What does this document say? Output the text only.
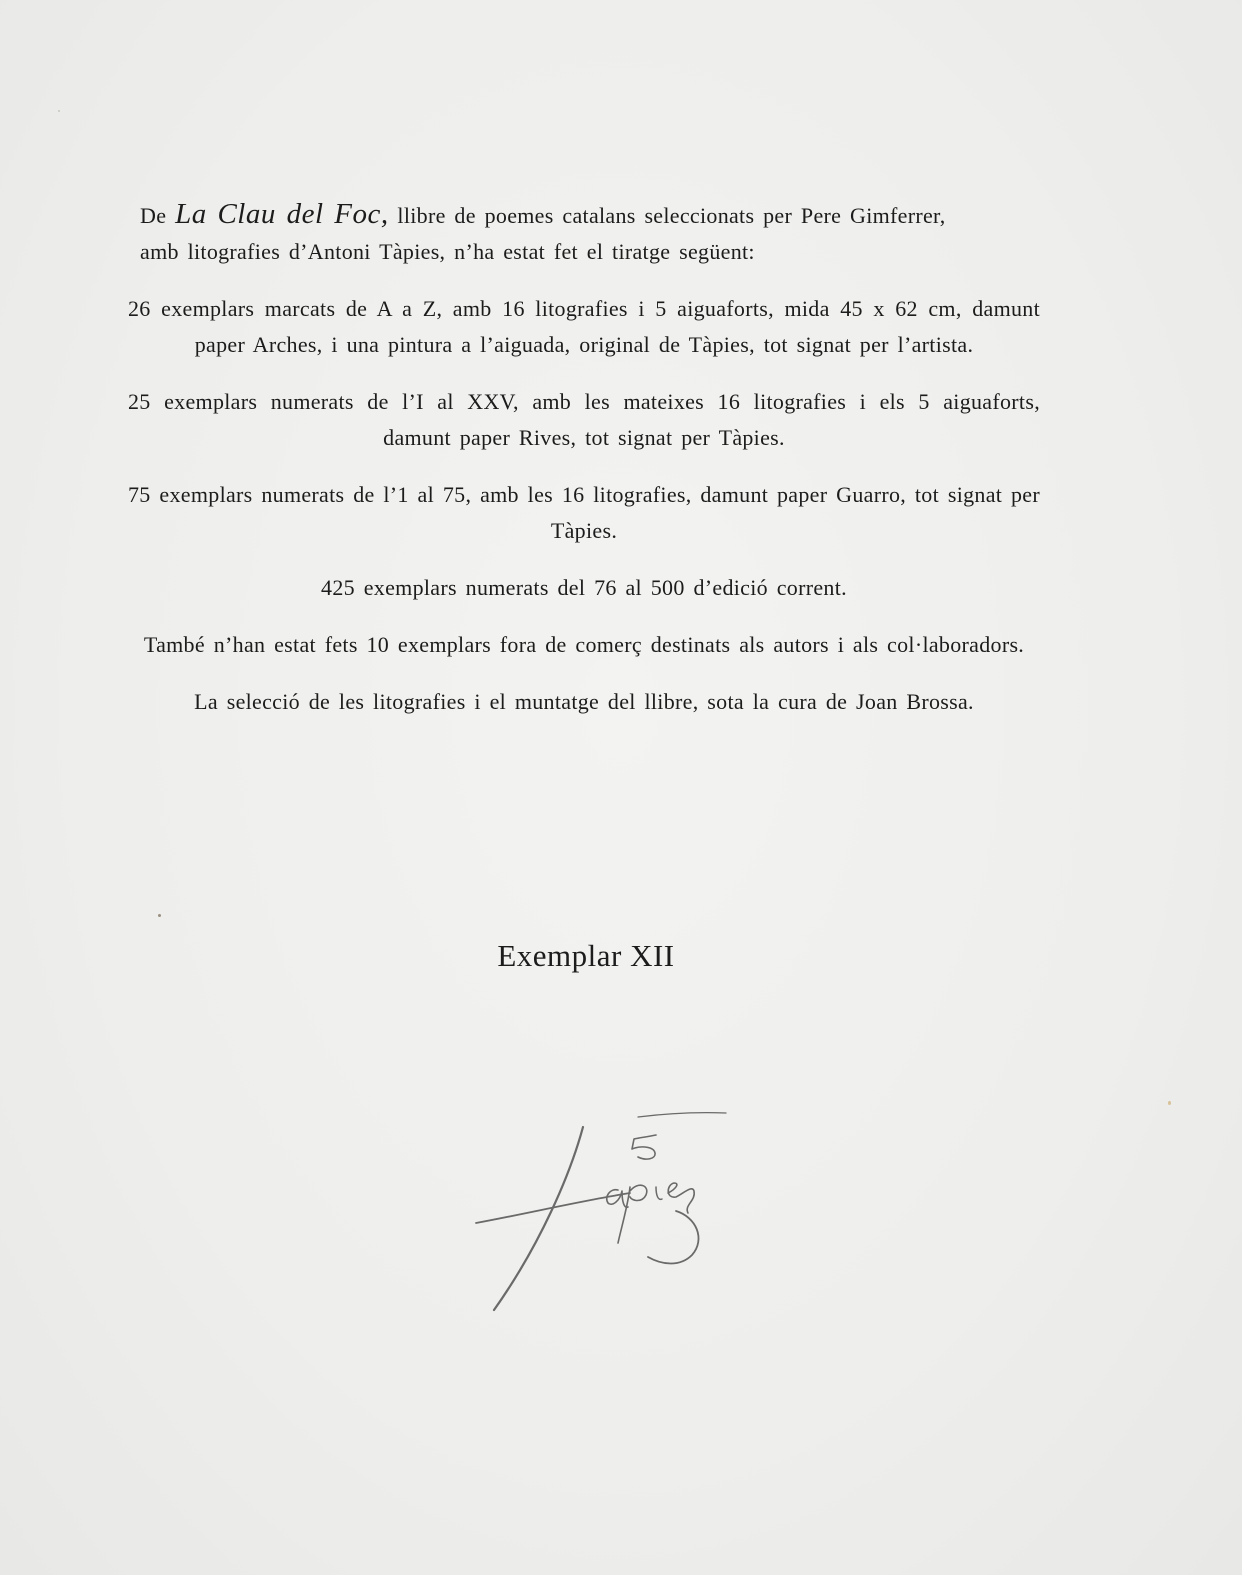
De La Clau del Foc, llibre de poemes catalans seleccionats per Pere Gimferrer,
amb litografies d’Antoni Tàpies, n’ha estat fet el tiratge següent:

26 exemplars marcats de A a Z, amb 16 litografies i 5 aiguaforts, mida 45 x 62 cm, damunt paper Arches, i una pintura a l’aiguada, original de Tàpies, tot signat per l’artista.

25 exemplars numerats de l’I al XXV, amb les mateixes 16 litografies i els 5 aiguaforts, damunt paper Rives, tot signat per Tàpies.

75 exemplars numerats de l’1 al 75, amb les 16 litografies, damunt paper Guarro, tot signat per Tàpies.

425 exemplars numerats del 76 al 500 d’edició corrent.

També n’han estat fets 10 exemplars fora de comerç destinats als autors i als col·laboradors.

La selecció de les litografies i el muntatge del llibre, sota la cura de Joan Brossa.

Exemplar XII
